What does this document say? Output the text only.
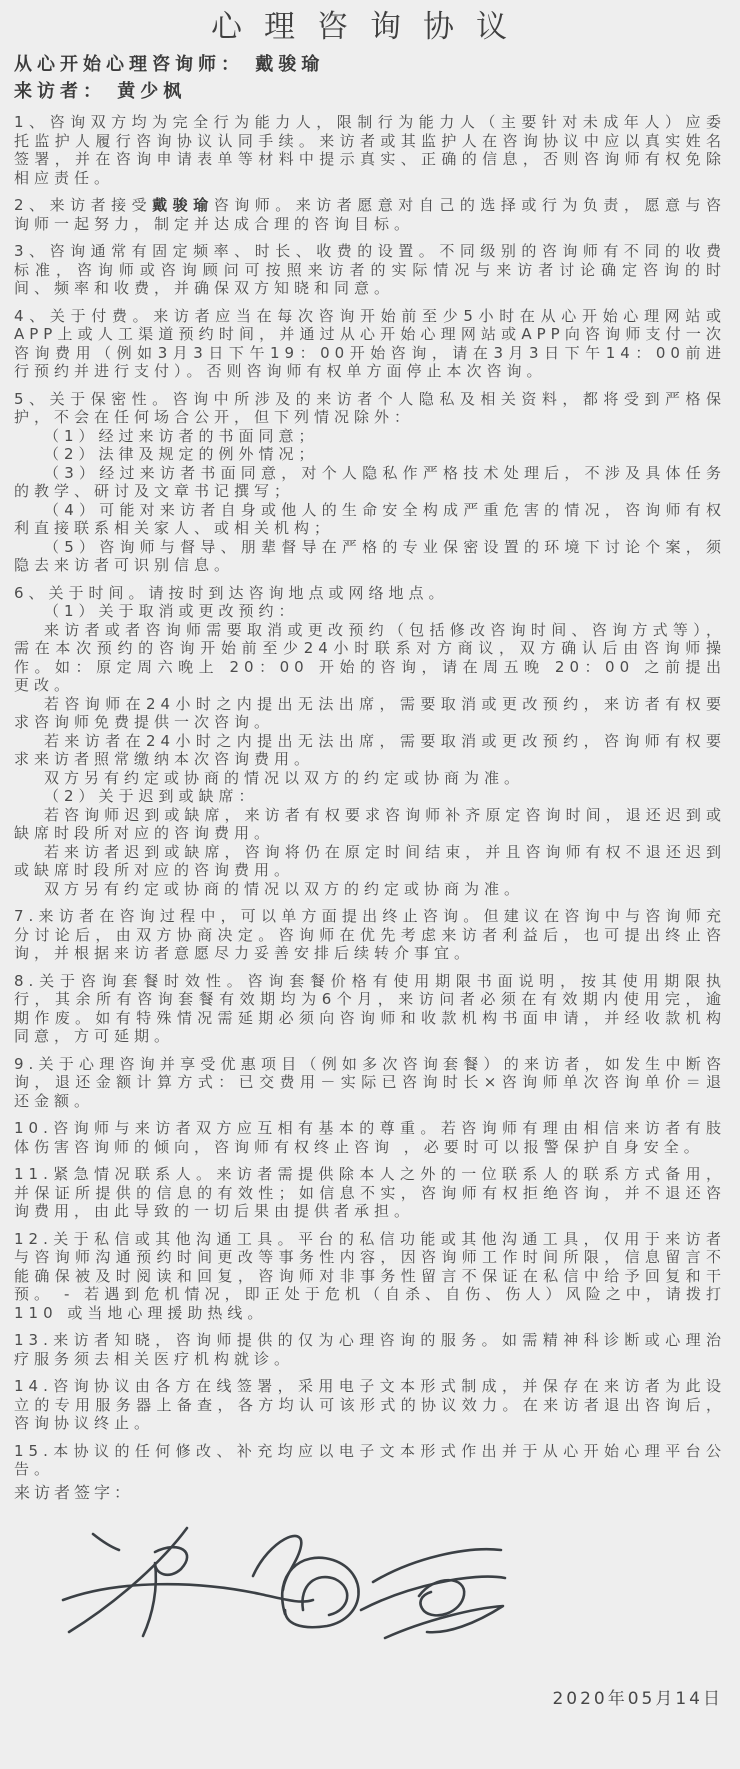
心理咨询协议

从心开始心理咨询师： 戴骏瑜

来访者： 黄少枫

1、咨询双方均为完全行为能力人，限制行为能力人（主要针对未成年人）应委托监护人履行咨询协议认同手续。来访者或其监护人在咨询协议中应以真实姓名签署，并在咨询申请表单等材料中提示真实、正确的信息，否则咨询师有权免除相应责任。

2、来访者接受戴骏瑜咨询师。来访者愿意对自己的选择或行为负责，愿意与咨询师一起努力，制定并达成合理的咨询目标。

3、咨询通常有固定频率、时长、收费的设置。不同级别的咨询师有不同的收费标准，咨询师或咨询顾问可按照来访者的实际情况与来访者讨论确定咨询的时间、频率和收费，并确保双方知晓和同意。

4、关于付费。来访者应当在每次咨询开始前至少5小时在从心开始心理网站或APP上或人工渠道预约时间，并通过从心开始心理网站或APP向咨询师支付一次咨询费用（例如3月3日下午19：00开始咨询，请在3月3日下午14：00前进行预约并进行支付）。否则咨询师有权单方面停止本次咨询。

5、关于保密性。咨询中所涉及的来访者个人隐私及相关资料，都将受到严格保护，不会在任何场合公开，但下列情况除外：

（1）经过来访者的书面同意；

（2）法律及规定的例外情况；

（3）经过来访者书面同意，对个人隐私作严格技术处理后，不涉及具体任务的教学、研讨及文章书记撰写；

（4）可能对来访者自身或他人的生命安全构成严重危害的情况，咨询师有权利直接联系相关家人、或相关机构；

（5）咨询师与督导、朋辈督导在严格的专业保密设置的环境下讨论个案，须隐去来访者可识别信息。

6、关于时间。请按时到达咨询地点或网络地点。

（1）关于取消或更改预约：

来访者或者咨询师需要取消或更改预约（包括修改咨询时间、咨询方式等），需在本次预约的咨询开始前至少24小时联系对方商议，双方确认后由咨询师操作。如：原定周六晚上 20：00 开始的咨询，请在周五晚 20：00 之前提出更改。

若咨询师在24小时之内提出无法出席，需要取消或更改预约，来访者有权要求咨询师免费提供一次咨询。

若来访者在24小时之内提出无法出席，需要取消或更改预约，咨询师有权要求来访者照常缴纳本次咨询费用。

双方另有约定或协商的情况以双方的约定或协商为准。

（2）关于迟到或缺席：

若咨询师迟到或缺席，来访者有权要求咨询师补齐原定咨询时间，退还迟到或缺席时段所对应的咨询费用。

若来访者迟到或缺席，咨询将仍在原定时间结束，并且咨询师有权不退还迟到或缺席时段所对应的咨询费用。

双方另有约定或协商的情况以双方的约定或协商为准。

7.来访者在咨询过程中，可以单方面提出终止咨询。但建议在咨询中与咨询师充分讨论后，由双方协商决定。咨询师在优先考虑来访者利益后，也可提出终止咨询，并根据来访者意愿尽力妥善安排后续转介事宜。

8.关于咨询套餐时效性。咨询套餐价格有使用期限书面说明，按其使用期限执行，其余所有咨询套餐有效期均为6个月，来访问者必须在有效期内使用完，逾期作废。如有特殊情况需延期必须向咨询师和收款机构书面申请，并经收款机构同意，方可延期。

9.关于心理咨询并享受优惠项目（例如多次咨询套餐）的来访者，如发生中断咨询，退还金额计算方式：已交费用－实际已咨询时长×咨询师单次咨询单价＝退还金额。

10.咨询师与来访者双方应互相有基本的尊重。若咨询师有理由相信来访者有肢体伤害咨询师的倾向，咨询师有权终止咨询 ，必要时可以报警保护自身安全。

11.紧急情况联系人。来访者需提供除本人之外的一位联系人的联系方式备用，并保证所提供的信息的有效性；如信息不实，咨询师有权拒绝咨询，并不退还咨询费用，由此导致的一切后果由提供者承担。

12.关于私信或其他沟通工具。平台的私信功能或其他沟通工具，仅用于来访者与咨询师沟通预约时间更改等事务性内容，因咨询师工作时间所限，信息留言不能确保被及时阅读和回复，咨询师对非事务性留言不保证在私信中给予回复和干预。 - 若遇到危机情况，即正处于危机（自杀、自伤、伤人）风险之中，请拨打110 或当地心理援助热线。

13.来访者知晓，咨询师提供的仅为心理咨询的服务。如需精神科诊断或心理治疗服务须去相关医疗机构就诊。

14.咨询协议由各方在线签署，采用电子文本形式制成，并保存在来访者为此设立的专用服务器上备查，各方均认可该形式的协议效力。在来访者退出咨询后，咨询协议终止。

15.本协议的任何修改、补充均应以电子文本形式作出并于从心开始心理平台公告。

来访者签字：

2020年05月14日
